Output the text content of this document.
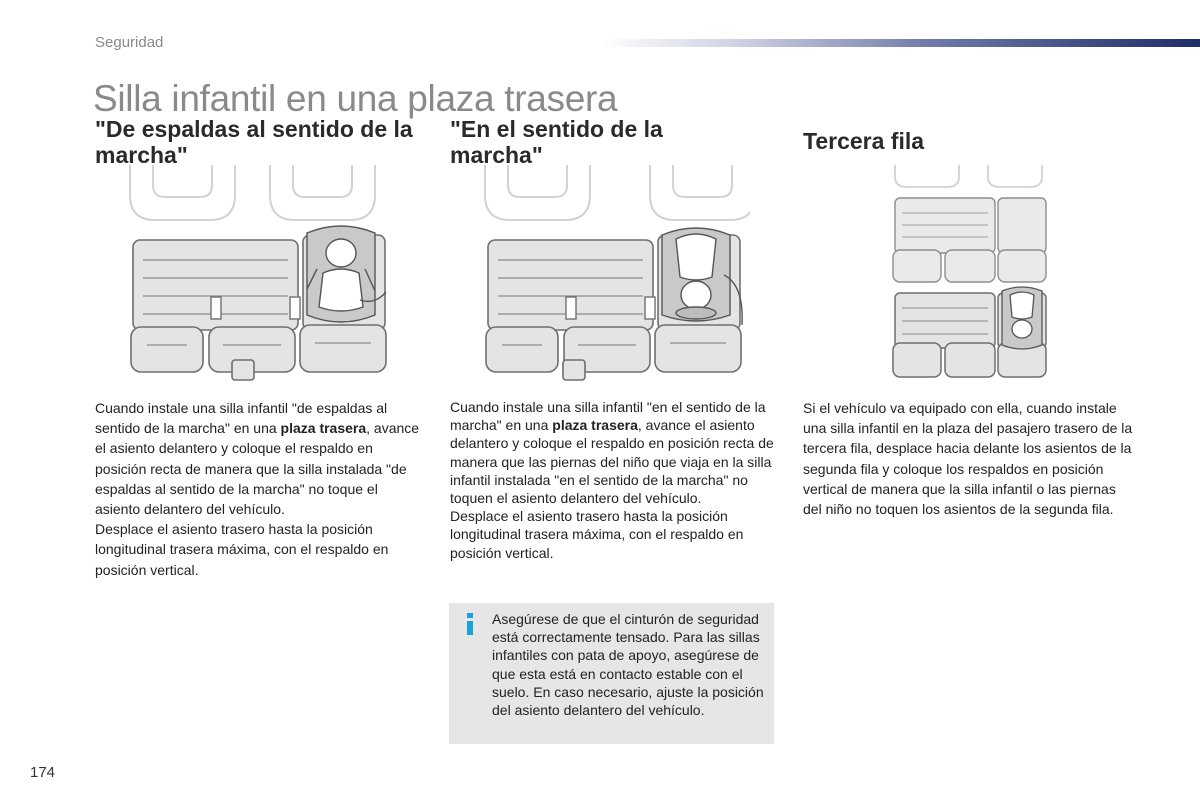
Seguridad
Silla infantil en una plaza trasera
"De espaldas al sentido de la marcha"
"En el sentido de la marcha"
Tercera fila

Cuando instale una silla infantil "de espaldas al sentido de la marcha" en una plaza trasera, avance el asiento delantero y coloque el respaldo en posición recta de manera que la silla instalada "de espaldas al sentido de la marcha" no toque el asiento delantero del vehículo.

Desplace el asiento trasero hasta la posición longitudinal trasera máxima, con el respaldo en posición vertical.

Cuando instale una silla infantil "en el sentido de la marcha" en una plaza trasera, avance el asiento delantero y coloque el respaldo en posición recta de manera que las piernas del niño que viaja en la silla infantil instalada "en el sentido de la marcha" no toquen el asiento delantero del vehículo.

Desplace el asiento trasero hasta la posición longitudinal trasera máxima, con el respaldo en posición vertical.

Si el vehículo va equipado con ella, cuando instale una silla infantil en la plaza del pasajero trasero de la tercera fila, desplace hacia delante los asientos de la segunda fila y coloque los respaldos en posición vertical de manera que la silla infantil o las piernas del niño no toquen los asientos de la segunda fila.

Asegúrese de que el cinturón de seguridad está correctamente tensado. Para las sillas infantiles con pata de apoyo, asegúrese de que esta está en contacto estable con el suelo. En caso necesario, ajuste la posición del asiento delantero del vehículo.
174
